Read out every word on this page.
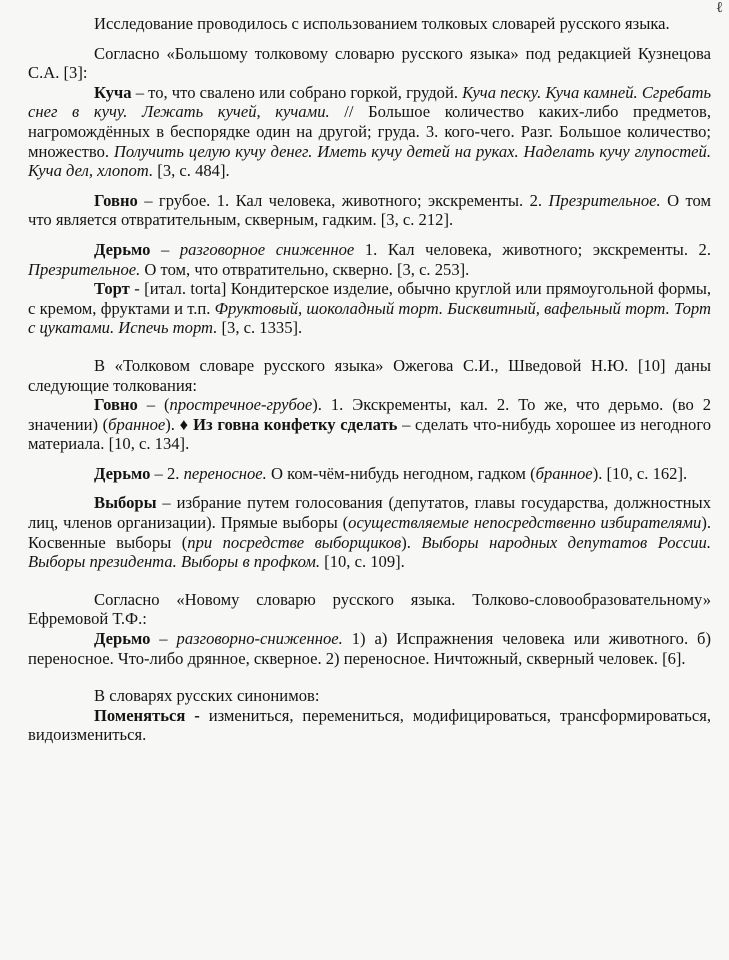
ℓ

Исследование проводилось с использованием толковых словарей русского языка.

Согласно «Большому толковому словарю русского языка» под редакцией Кузнецова С.А. [3]:

Куча – то, что свалено или собрано горкой, грудой. Куча песку. Куча камней. Сгребать снег в кучу. Лежать кучей, кучами. // Большое количество каких-либо предметов, нагромождённых в беспорядке один на другой; груда. 3. кого-чего. Разг. Большое количество; множество. Получить целую кучу денег. Иметь кучу детей на руках. Наделать кучу глупостей. Куча дел, хлопот. [3, с. 484].

Говно – грубое. 1. Кал человека, животного; экскременты. 2. Презрительное. О том что является отвратительным, скверным, гадким. [3, с. 212].

Дерьмо – разговорное сниженное 1. Кал человека, животного; экскременты. 2. Презрительное. О том, что отвратительно, скверно. [3, с. 253].

Торт - [итал. torta] Кондитерское изделие, обычно круглой или прямоугольной формы, с кремом, фруктами и т.п. Фруктовый, шоколадный торт. Бисквитный, вафельный торт. Торт с цукатами. Испечь торт. [3, с. 1335].

В «Толковом словаре русского языка» Ожегова С.И., Шведовой Н.Ю. [10] даны следующие толкования:

Говно – (простречное-грубое). 1. Экскременты, кал. 2. То же, что дерьмо. (во 2 значении) (бранное). ♦ Из говна конфетку сделать – сделать что-нибудь хорошее из негодного материала. [10, с. 134].

Дерьмо – 2. переносное. О ком-чём-нибудь негодном, гадком (бранное). [10, с. 162].

Выборы – избрание путем голосования (депутатов, главы государства, должностных лиц, членов организации). Прямые выборы (осуществляемые непосредственно избирателями). Косвенные выборы (при посредстве выборщиков). Выборы народных депутатов России. Выборы президента. Выборы в профком. [10, с. 109].

Согласно «Новому словарю русского языка. Толково-словообразовательному» Ефремовой Т.Ф.:

Дерьмо – разговорно-сниженное. 1) а) Испражнения человека или животного. б) переносное. Что-либо дрянное, скверное. 2) переносное. Ничтожный, скверный человек. [6].

В словарях русских синонимов:

Поменяться - измениться, перемениться, модифицироваться, трансформироваться, видоизмениться.
